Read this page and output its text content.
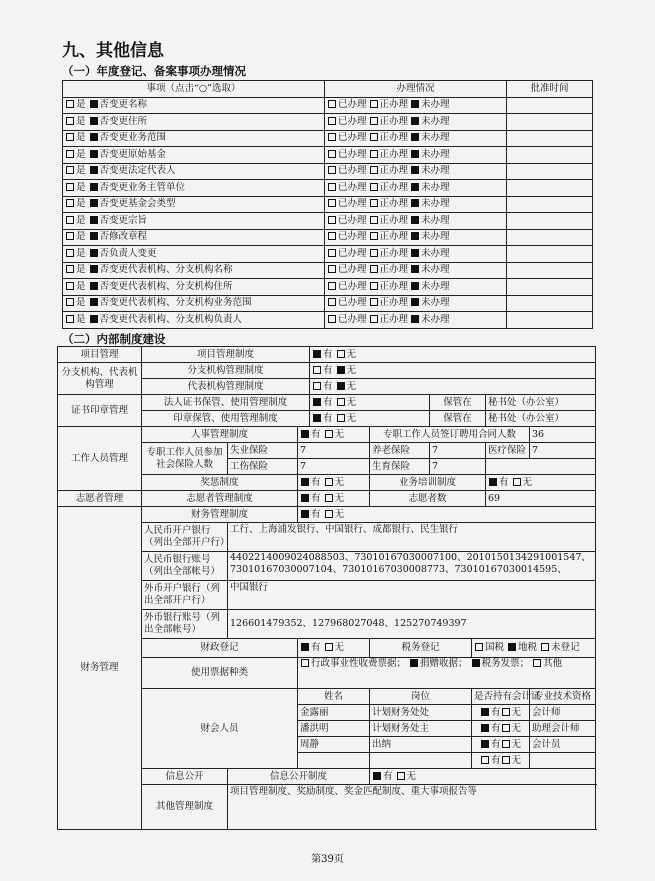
九、其他信息
（一）年度登记、备案事项办理情况
事项（点击“○”选取）	办理情况	批准时间
是 否变更名称	已办理 正办理 未办理	
是 否变更住所	已办理 正办理 未办理	
是 否变更业务范围	已办理 正办理 未办理	
是 否变更原始基金	已办理 正办理 未办理	
是 否变更法定代表人	已办理 正办理 未办理	
是 否变更业务主管单位	已办理 正办理 未办理	
是 否变更基金会类型	已办理 正办理 未办理	
是 否变更宗旨	已办理 正办理 未办理	
是 否修改章程	已办理 正办理 未办理	
是 否负责人变更	已办理 正办理 未办理	
是 否变更代表机构、分支机构名称	已办理 正办理 未办理	
是 否变更代表机构、分支机构住所	已办理 正办理 未办理	
是 否变更代表机构、分支机构业务范围	已办理 正办理 未办理	
是 否变更代表机构、分支机构负责人	已办理 正办理 未办理	
（二）内部制度建设
项目管理	项目管理制度			有 无					
分支机构、代表机构管理	分支机构管理制度			有 无					
	代表机构管理制度			有 无					
证书印章管理	法人证书保管、使用管理制度			有 无		保管在		秘书处（办公室）	
	印章保管、使用管理制度			有 无		保管在		秘书处（办公室）	
工作人员管理	人事管理制度		有 无		专职工作人员签订聘用合同人数				36
	专职工作人员参加社会保险人数	失业保险	7		养老保险	7		医疗保险	7
		工伤保险	7		生育保险	7			
	奖惩制度		有 无		业务培训制度			有 无	
志愿者管理	志愿者管理制度		有 无		志愿者数			69	
财务管理	财务管理制度		有 无						
	人民币开户银行（列出全部开户行）	工行、上海浦发银行、中国银行、成都银行、民生银行							
	人民币银行账号（列出全部帐号）	4402214009024088503、73010167030007100、201015013429100154​7、
73010167030007104、73010167030008773、73010167030014595、							

	外币开户银行（列出全部开户行）	中国银行							
	外币银行账号（列出全部帐号）	126601479352、127968027048、125270749397							
	财政登记		有 无		税务登记		国税 地税 未登记		
	使用票据种类		行政事业性收费票据； 捐赠收据； 税务发票； 其他						
	财会人员		姓名		岗位		是否持有会计证		专业技术资格
			金露丽		计划财务处处		有 无		会计师
			潘洪明		计划财务处主		有 无		助理会计师
			周静		出纳		有 无		会计员
							有 无		
	信息公开	信息公开制度			有 无				
	其他管理制度	项目管理制度、奖励制度、奖金匹配制度、重大事项报告等							
第39页
